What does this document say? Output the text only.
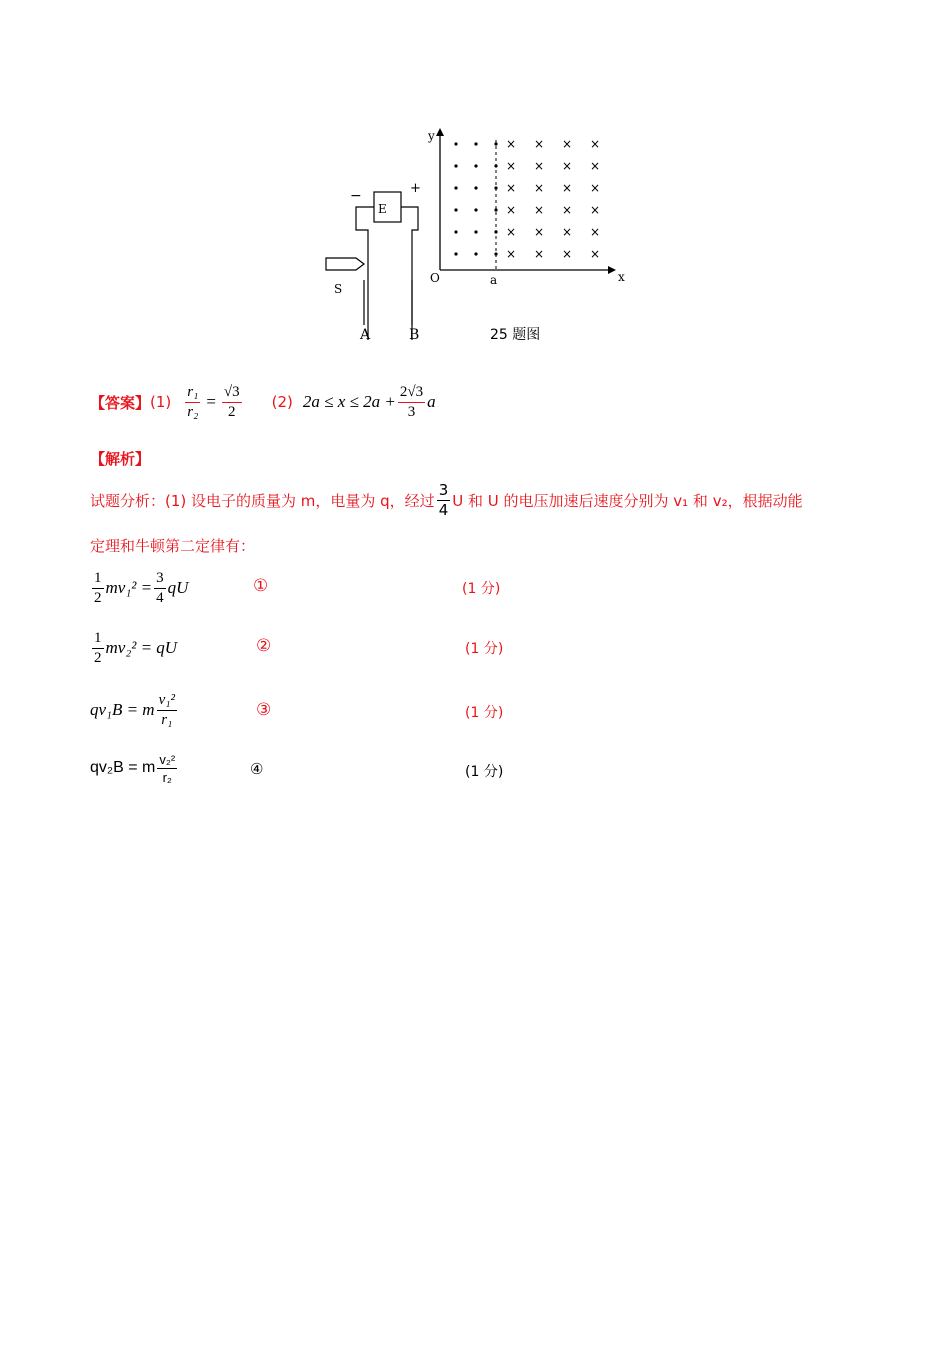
× × × ×
× × × ×
× × × ×
× × × ×
× × × ×
× × × ×
E
−	+
S
A	B
y
x
O	a
25 题图
【答案】 $(1) \frac{\text{r₁}}{\text{r₂}} = \frac{√3}{2} (2) 2a \le x \le 2a + \frac{2√3}{3}$ a
【解析】
试题分析：(1) 设电子的质量为 m，电量为 q，经过 $\frac{3}{4}$ U 和 U 的电压加速后速度分别为 v₁ 和 v₂，根据动能
定理和牛顿第二定律有：
$\frac{1}{2} mv_1^2 = \frac{3}{4}$ qU	①	(1 分)
$\frac{1}{2} mv_2^2$ = qU	②	(1 分)
qv₁B = m $\frac{\text{v₁²}}{\text{r₁}}$	③	(1 分)
qv₂B = m $\frac{\text{v₂²}}{\text{r₂}}$	④	(1 分)
